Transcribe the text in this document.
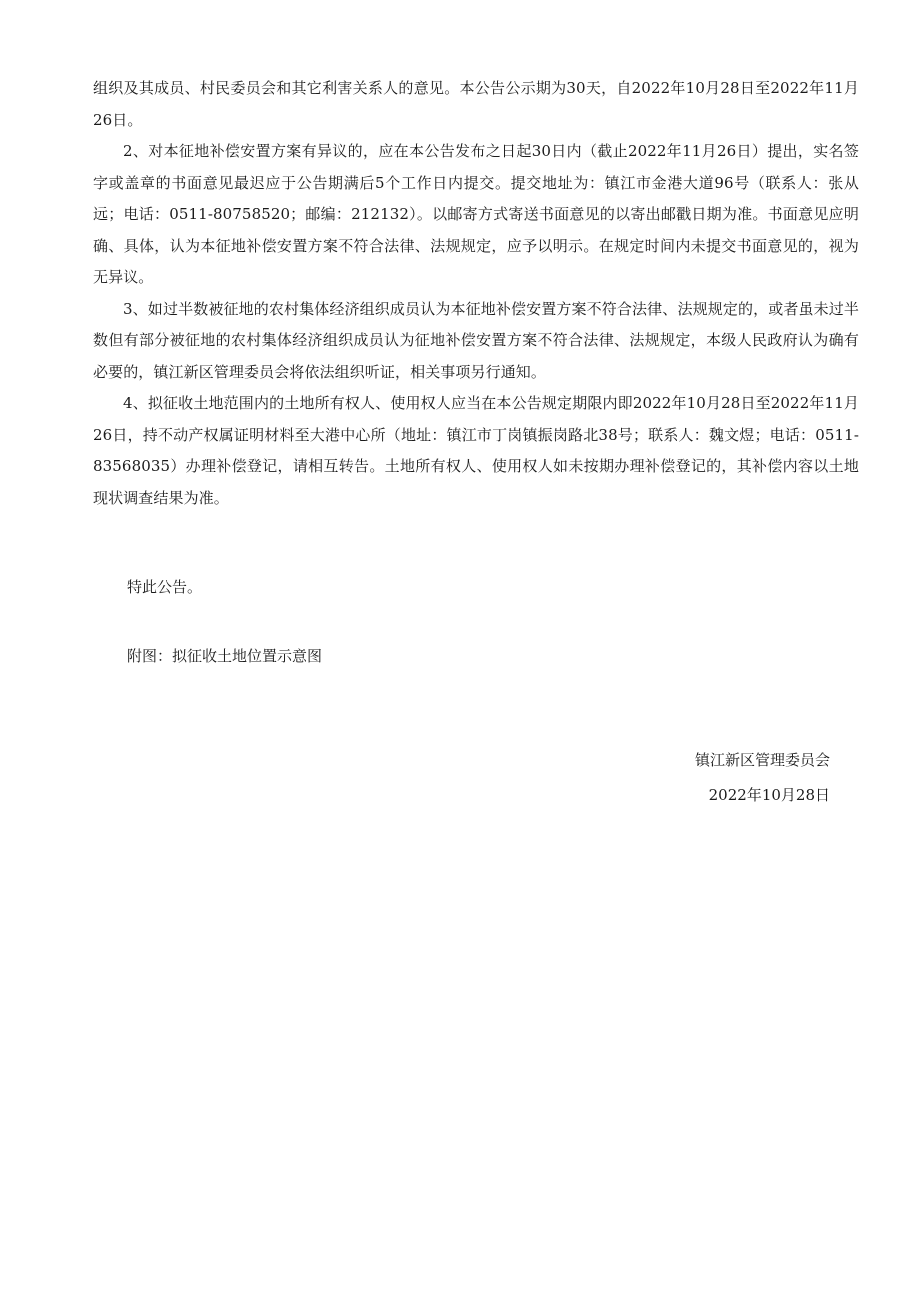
组织及其成员、村民委员会和其它利害关系人的意见。本公告公示期为30天，自2022年10月28日至2022年11月26日。

2、对本征地补偿安置方案有异议的，应在本公告发布之日起30日内（截止2022年11月26日）提出，实名签字或盖章的书面意见最迟应于公告期满后5个工作日内提交。提交地址为：镇江市金港大道96号（联系人：张从远；电话：0511-80758520；邮编：212132）。以邮寄方式寄送书面意见的以寄出邮戳日期为准。书面意见应明确、具体，认为本征地补偿安置方案不符合法律、法规规定，应予以明示。在规定时间内未提交书面意见的，视为无异议。

3、如过半数被征地的农村集体经济组织成员认为本征地补偿安置方案不符合法律、法规规定的，或者虽未过半数但有部分被征地的农村集体经济组织成员认为征地补偿安置方案不符合法律、法规规定，本级人民政府认为确有必要的，镇江新区管理委员会将依法组织听证，相关事项另行通知。

4、拟征收土地范围内的土地所有权人、使用权人应当在本公告规定期限内即2022年10月28日至2022年11月26日，持不动产权属证明材料至大港中心所（地址：镇江市丁岗镇振岗路北38号；联系人：魏文煜；电话：0511-83568035）办理补偿登记，请相互转告。土地所有权人、使用权人如未按期办理补偿登记的，其补偿内容以土地现状调查结果为准。

特此公告。
附图：拟征收土地位置示意图
镇江新区管理委员会
2022年10月28日
